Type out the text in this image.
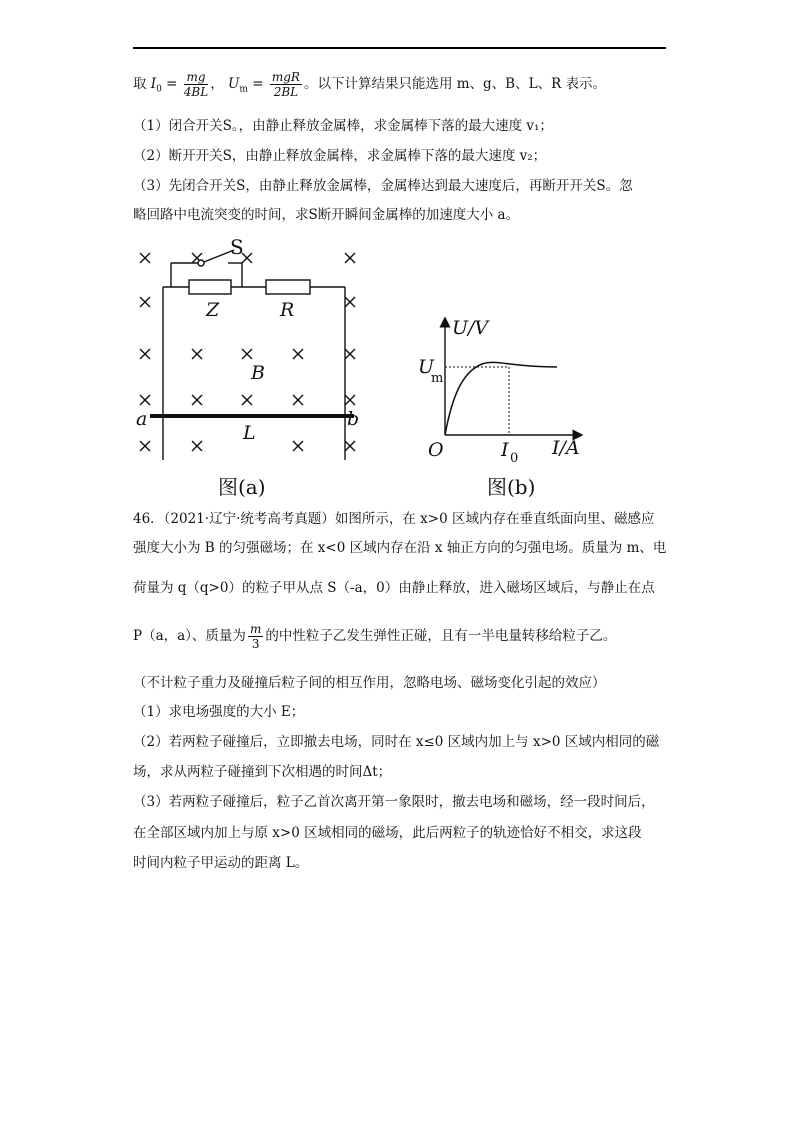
取 $I_0 = \frac{mg}{4BL}$ ， $U_m = \frac{\text{mgR}}{2BL}$ 。以下计算结果只能选用 m、g、B、L、R 表示。
（1）闭合开关S。，由静止释放金属棒，求金属棒下落的最大速度 v₁；
（2）断开开关S，由静止释放金属棒，求金属棒下落的最大速度 v₂；
（3）先闭合开关S，由静止释放金属棒，金属棒达到最大速度后，再断开开关S。忽
略回路中电流突变的时间，求S断开瞬间金属棒的加速度大小 a。
S
Z	R
B
a	b
L
图(a)
U/V
U
m
O	I 0 I/A
图(b)
46．（2021·辽宁·统考高考真题）如图所示，在 x>0 区域内存在垂直纸面向里、磁感应
强度大小为 B 的匀强磁场；在 x<0 区域内存在沿 x 轴正方向的匀强电场。质量为 m、电
荷量为 q（q>0）的粒子甲从点 S（-a，0）由静止释放，进入磁场区域后，与静止在点
P（a，a）、质量为 $\frac{m}{3}$ 的中性粒子乙发生弹性正碰，且有一半电量转移给粒子乙。
（不计粒子重力及碰撞后粒子间的相互作用，忽略电场、磁场变化引起的效应）
（1）求电场强度的大小 E；
（2）若两粒子碰撞后，立即撤去电场，同时在 x≤0 区域内加上与 x>0 区域内相同的磁
场，求从两粒子碰撞到下次相遇的时间Δt；
（3）若两粒子碰撞后，粒子乙首次离开第一象限时，撤去电场和磁场，经一段时间后，
在全部区域内加上与原 x>0 区域相同的磁场，此后两粒子的轨迹恰好不相交，求这段
时间内粒子甲运动的距离 L。
